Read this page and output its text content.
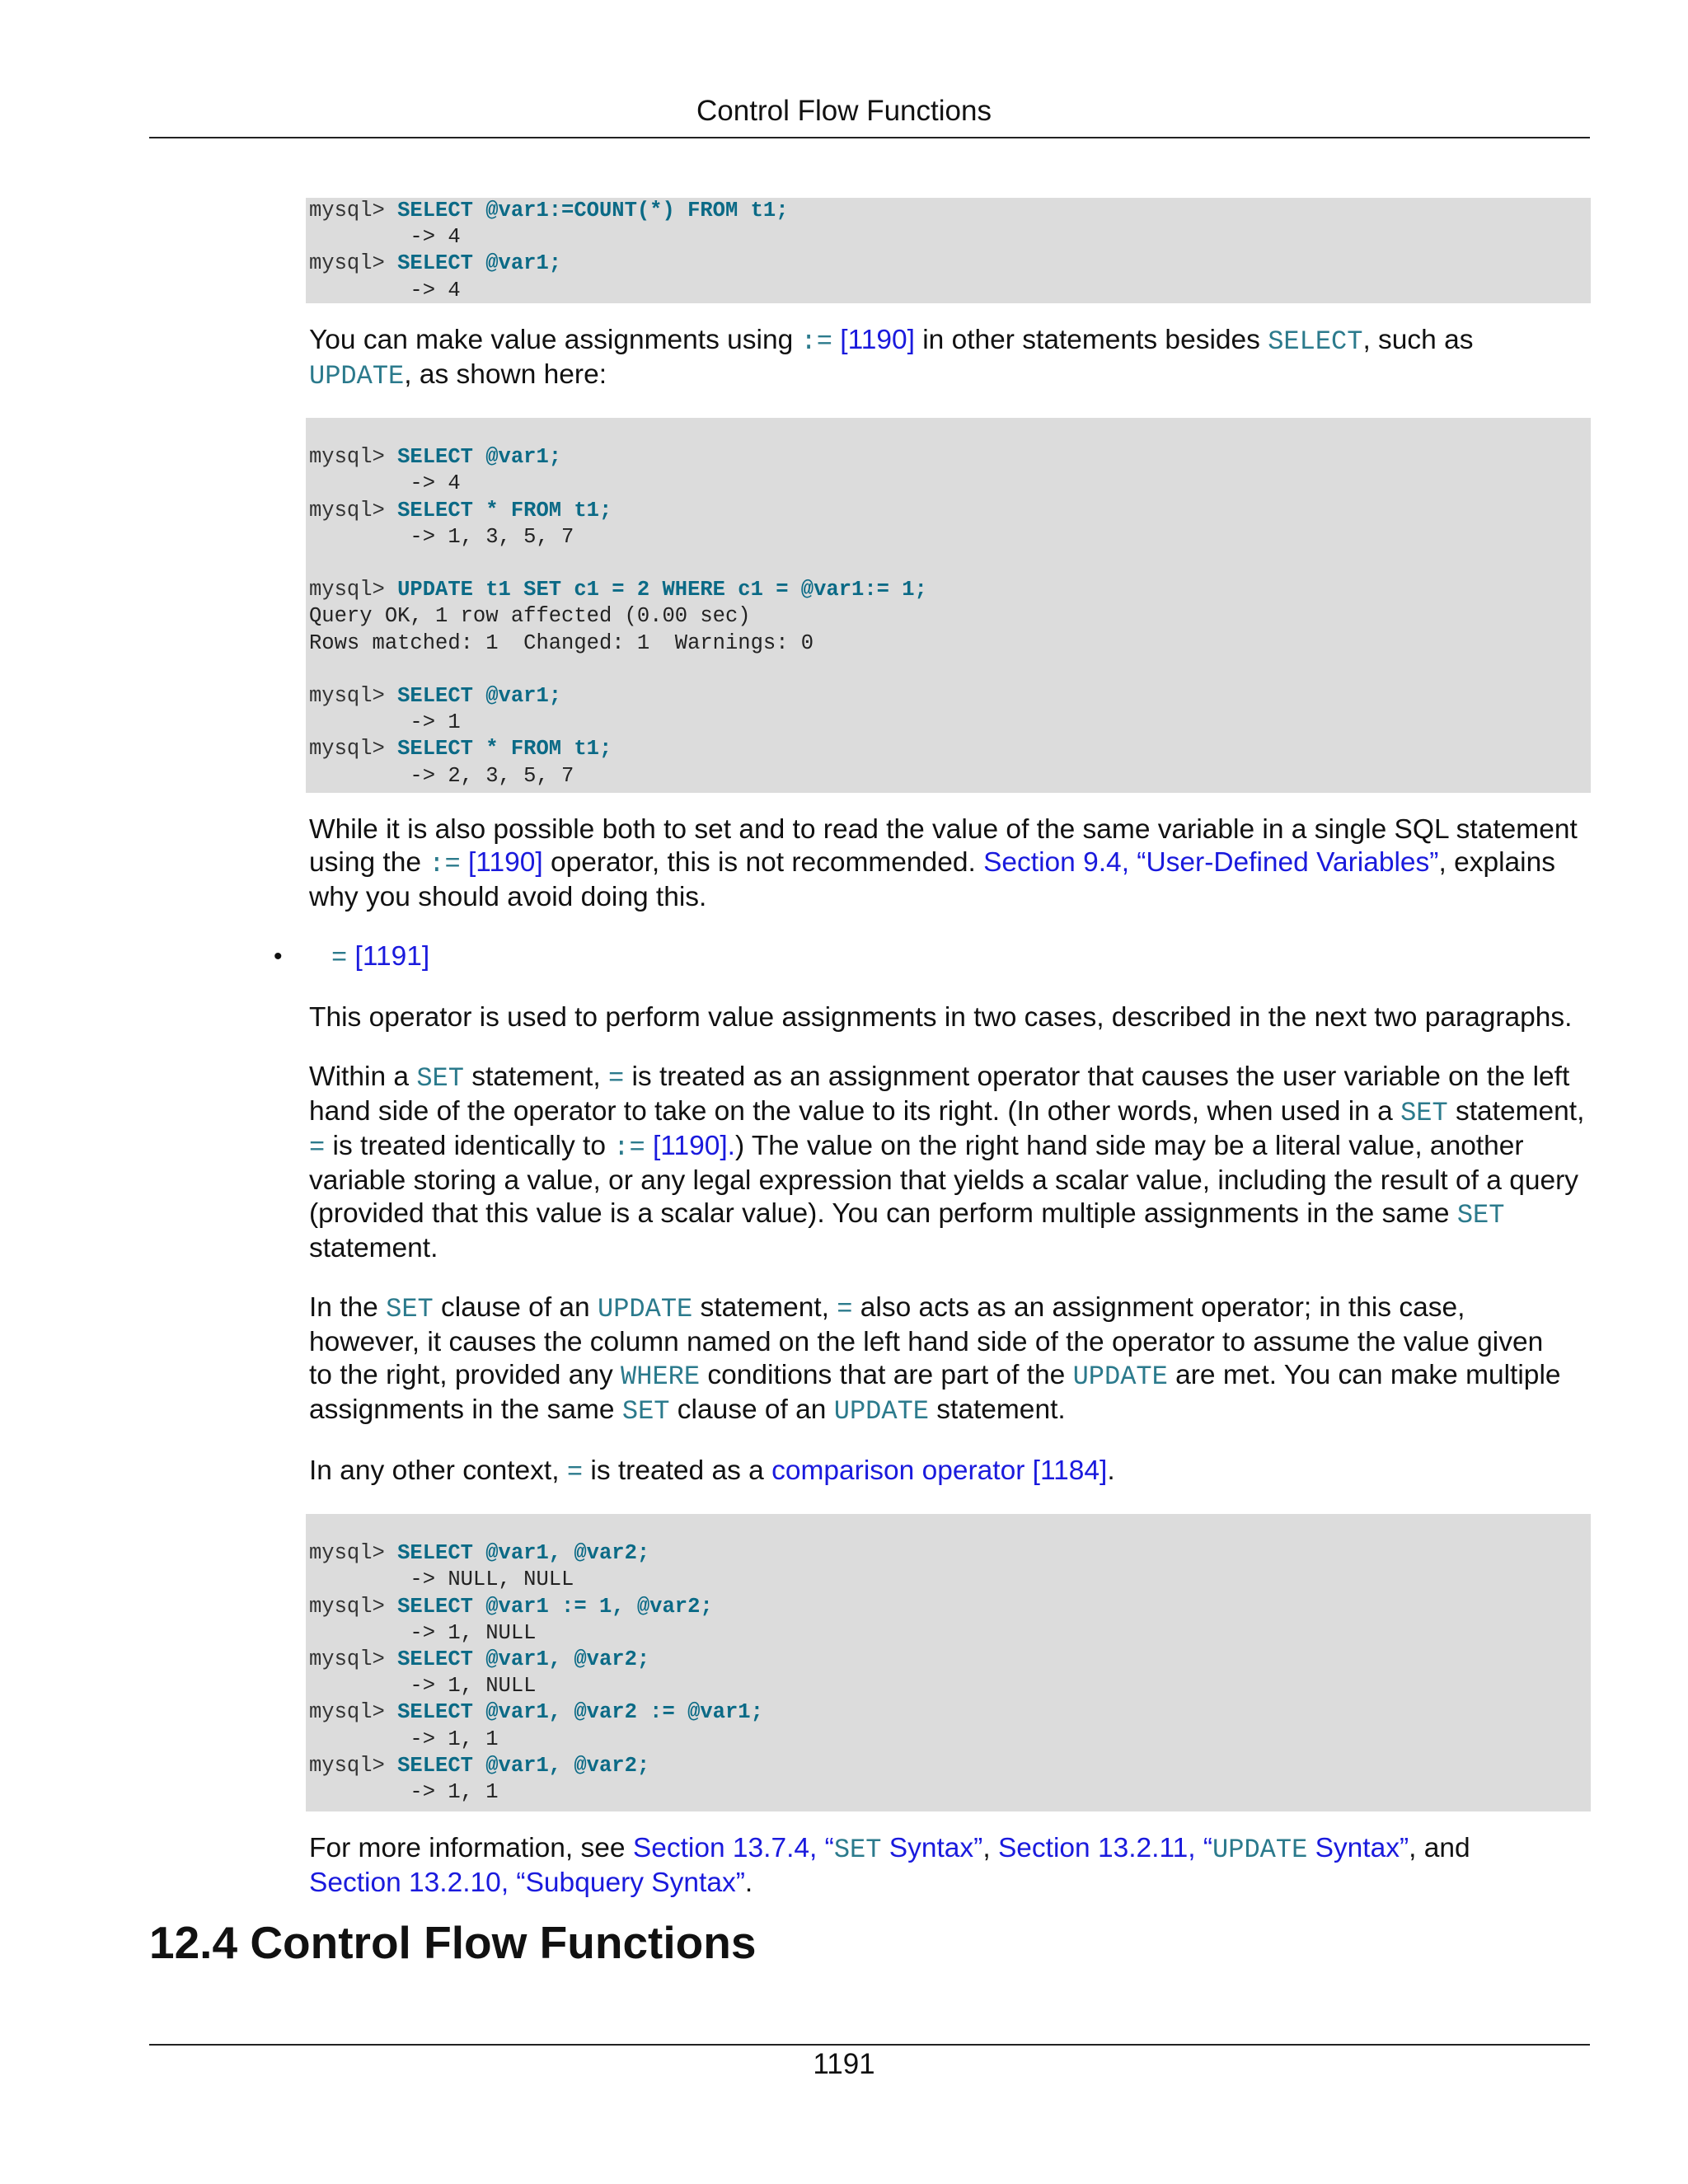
Control Flow Functions
mysql> SELECT @var1:=COUNT(*) FROM t1;
-> 4
mysql> SELECT @var1;
-> 4

You can make value assignments using := [1190] in other statements besides SELECT, such as
UPDATE, as shown here:

mysql> SELECT @var1;
-> 4
mysql> SELECT * FROM t1;
-> 1, 3, 5, 7

mysql> UPDATE t1 SET c1 = 2 WHERE c1 = @var1:= 1;
Query OK, 1 row affected (0.00 sec)
Rows matched: 1  Changed: 1  Warnings: 0

mysql> SELECT @var1;
-> 1
mysql> SELECT * FROM t1;
-> 2, 3, 5, 7

While it is also possible both to set and to read the value of the same variable in a single SQL statement
using the := [1190] operator, this is not recommended. Section 9.4, “User-Defined Variables”, explains
why you should avoid doing this.

• = [1191]

This operator is used to perform value assignments in two cases, described in the next two paragraphs.

Within a SET statement, = is treated as an assignment operator that causes the user variable on the left
hand side of the operator to take on the value to its right. (In other words, when used in a SET statement,
= is treated identically to := [1190].) The value on the right hand side may be a literal value, another
variable storing a value, or any legal expression that yields a scalar value, including the result of a query
(provided that this value is a scalar value). You can perform multiple assignments in the same SET
statement.

In the SET clause of an UPDATE statement, = also acts as an assignment operator; in this case,
however, it causes the column named on the left hand side of the operator to assume the value given
to the right, provided any WHERE conditions that are part of the UPDATE are met. You can make multiple
assignments in the same SET clause of an UPDATE statement.

In any other context, = is treated as a comparison operator [1184].

mysql> SELECT @var1, @var2;
-> NULL, NULL
mysql> SELECT @var1 := 1, @var2;
-> 1, NULL
mysql> SELECT @var1, @var2;
-> 1, NULL
mysql> SELECT @var1, @var2 := @var1;
-> 1, 1
mysql> SELECT @var1, @var2;
-> 1, 1

For more information, see Section 13.7.4, “SET Syntax”, Section 13.2.11, “UPDATE Syntax”, and
Section 13.2.10, “Subquery Syntax”.

12.4 Control Flow Functions
1191
